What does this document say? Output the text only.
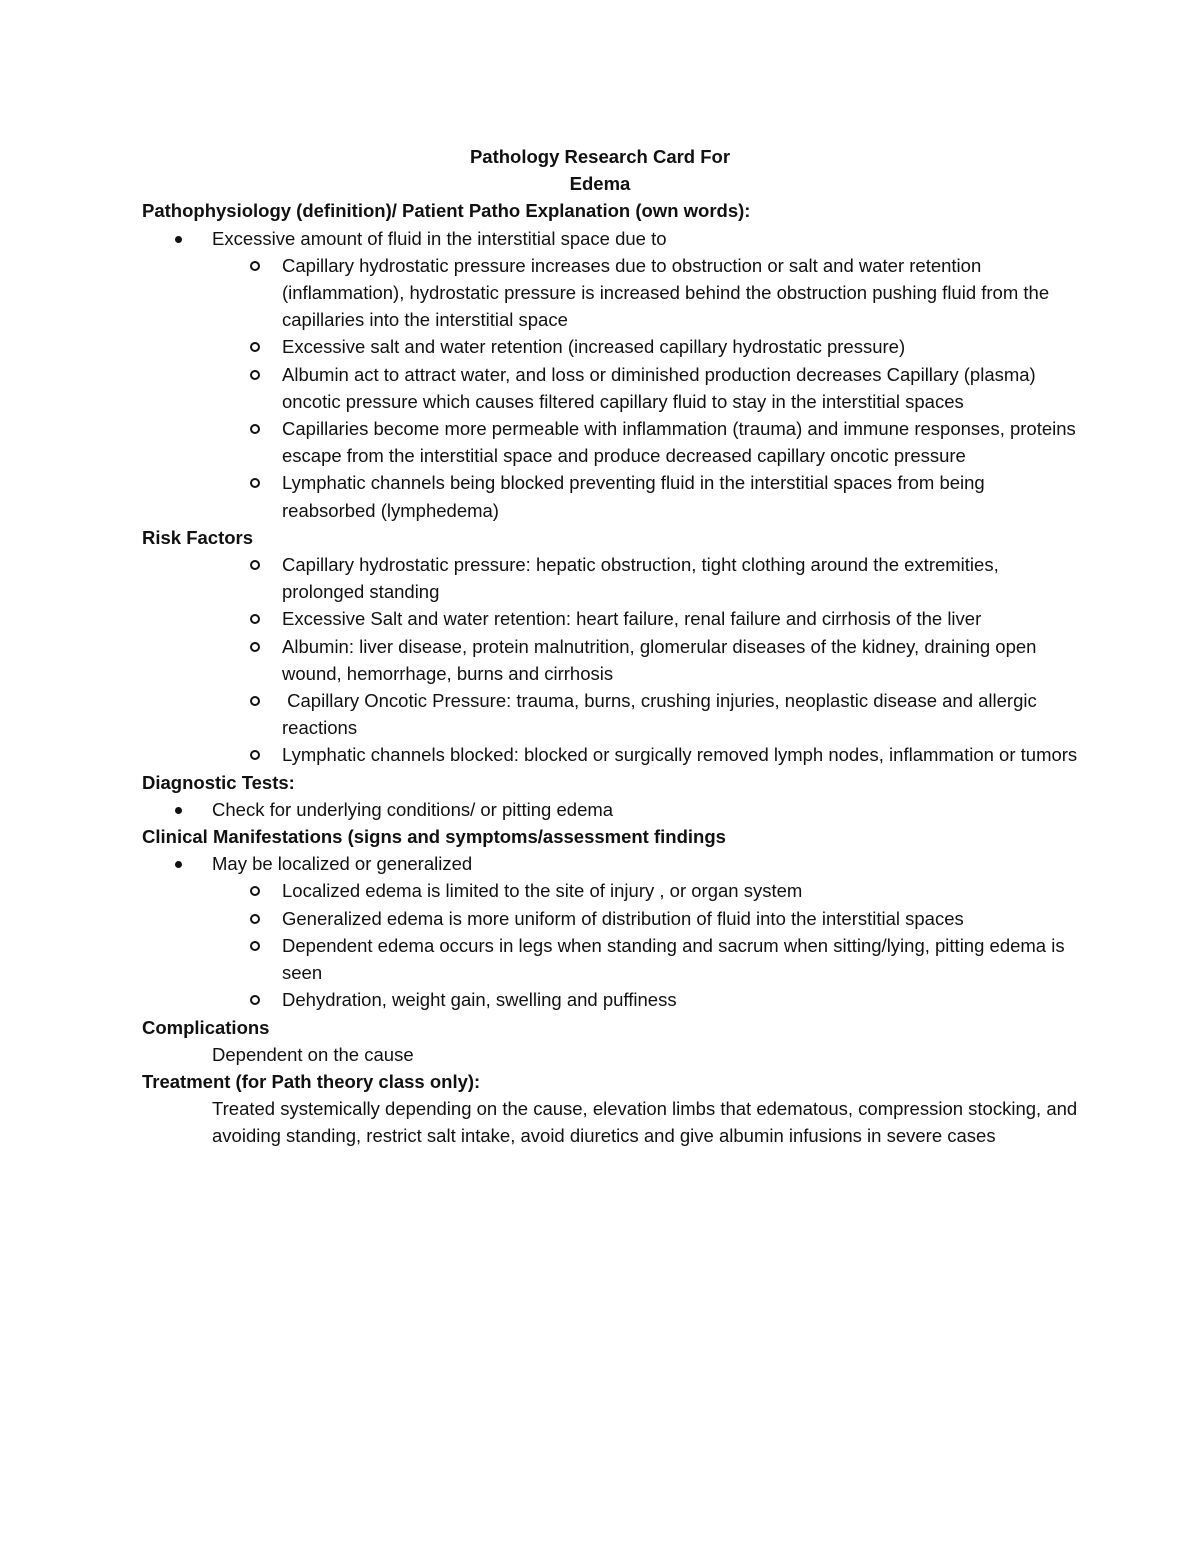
Pathology Research Card For
Edema
Pathophysiology (definition)/ Patient Patho Explanation (own words):
Excessive amount of fluid in the interstitial space due to
Capillary hydrostatic pressure increases due to obstruction or salt and water retention (inflammation), hydrostatic pressure is increased behind the obstruction pushing fluid from the capillaries into the interstitial space
Excessive salt and water retention (increased capillary hydrostatic pressure)
Albumin act to attract water, and loss or diminished production decreases Capillary (plasma) oncotic pressure which causes filtered capillary fluid to stay in the interstitial spaces
Capillaries become more permeable with inflammation (trauma) and immune responses, proteins escape from the interstitial space and produce decreased capillary oncotic pressure
Lymphatic channels being blocked preventing fluid in the interstitial spaces from being reabsorbed (lymphedema)
Risk Factors
Capillary hydrostatic pressure: hepatic obstruction, tight clothing around the extremities, prolonged standing
Excessive Salt and water retention: heart failure, renal failure and cirrhosis of the liver
Albumin: liver disease, protein malnutrition, glomerular diseases of the kidney, draining open wound, hemorrhage, burns and cirrhosis
Capillary Oncotic Pressure: trauma, burns, crushing injuries, neoplastic disease and allergic reactions
Lymphatic channels blocked: blocked or surgically removed lymph nodes, inflammation or tumors
Diagnostic Tests:
Check for underlying conditions/ or pitting edema
Clinical Manifestations (signs and symptoms/assessment findings
May be localized or generalized
Localized edema is limited to the site of injury , or organ system
Generalized edema is more uniform of distribution of fluid into the interstitial spaces
Dependent edema occurs in legs when standing and sacrum when sitting/lying, pitting edema is seen
Dehydration, weight gain, swelling and puffiness
Complications
Dependent on the cause
Treatment (for Path theory class only):
Treated systemically depending on the cause, elevation limbs that edematous, compression stocking, and avoiding standing, restrict salt intake, avoid diuretics and give albumin infusions in severe cases
